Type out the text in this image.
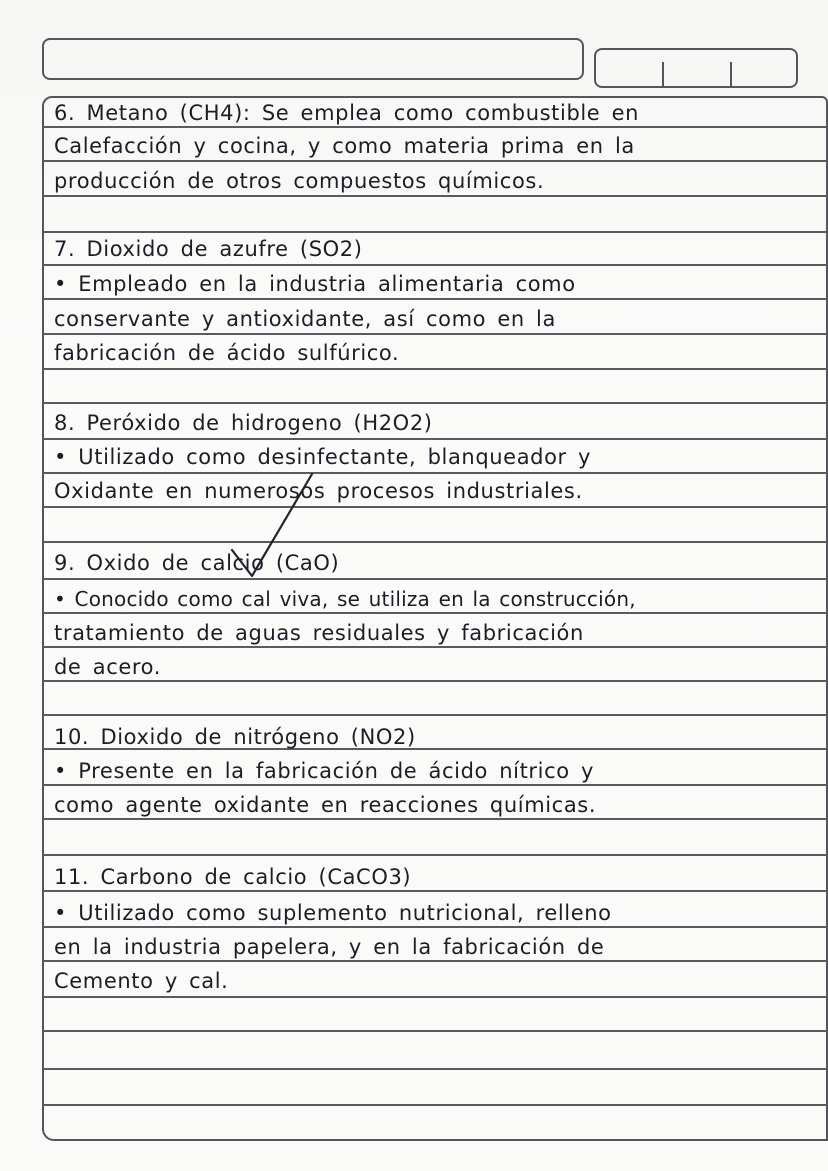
6. Metano (CH4): Se emplea como combustible en
Calefacción y cocina, y como materia prima en la
producción de otros compuestos químicos.
7. Dioxido de azufre (SO2)
• Empleado en la industria alimentaria como
conservante y antioxidante, así como en la
fabricación de ácido sulfúrico.
8. Peróxido de hidrogeno (H2O2)
• Utilizado como desinfectante, blanqueador y
Oxidante en numerosos procesos industriales.
9. Oxido de calcio (CaO)
• Conocido como cal viva, se utiliza en la construcción,
tratamiento de aguas residuales y fabricación
de acero.
10. Dioxido de nitrógeno (NO2)
• Presente en la fabricación de ácido nítrico y
como agente oxidante en reacciones químicas.
11. Carbono de calcio (CaCO3)
• Utilizado como suplemento nutricional, relleno
en la industria papelera, y en la fabricación de
Cemento y cal.
